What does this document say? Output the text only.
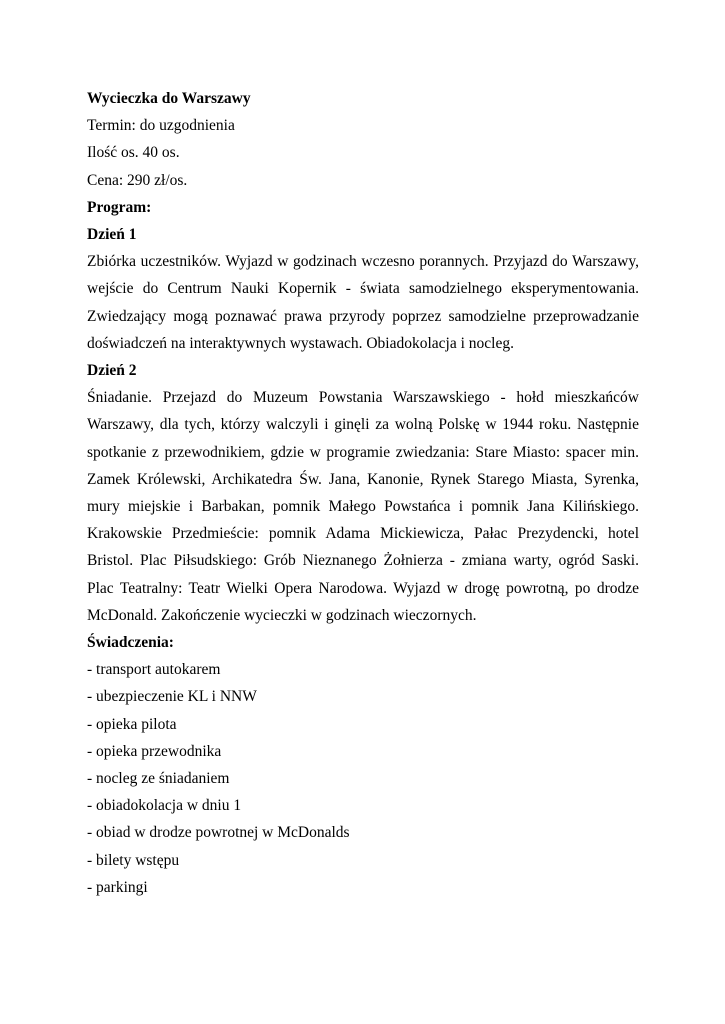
Wycieczka do Warszawy

Termin: do uzgodnienia

Ilość os. 40 os.

Cena: 290 zł/os.

Program:

Dzień 1

Zbiórka uczestników. Wyjazd w godzinach wczesno porannych. Przyjazd do Warszawy, wejście do Centrum Nauki Kopernik - świata samodzielnego eksperymentowania. Zwiedzający mogą poznawać prawa przyrody poprzez samodzielne przeprowadzanie doświadczeń na interaktywnych wystawach. Obiadokolacja i nocleg.

Dzień 2

Śniadanie. Przejazd do Muzeum Powstania Warszawskiego - hołd mieszkańców Warszawy, dla tych, którzy walczyli i ginęli za wolną Polskę w 1944 roku. Następnie spotkanie z przewodnikiem, gdzie w programie zwiedzania: Stare Miasto: spacer min. Zamek Królewski, Archikatedra Św. Jana, Kanonie, Rynek Starego Miasta, Syrenka, mury miejskie i Barbakan, pomnik Małego Powstańca i pomnik Jana Kilińskiego. Krakowskie Przedmieście: pomnik Adama Mickiewicza, Pałac Prezydencki, hotel Bristol. Plac Piłsudskiego: Grób Nieznanego Żołnierza - zmiana warty, ogród Saski. Plac Teatralny: Teatr Wielki Opera Narodowa. Wyjazd w drogę powrotną, po drodze McDonald. Zakończenie wycieczki w godzinach wieczornych.

Świadczenia:

- transport autokarem
- ubezpieczenie KL i NNW
- opieka pilota
- opieka przewodnika
- nocleg ze śniadaniem
- obiadokolacja w dniu 1
- obiad w drodze powrotnej w McDonalds
- bilety wstępu
- parkingi
